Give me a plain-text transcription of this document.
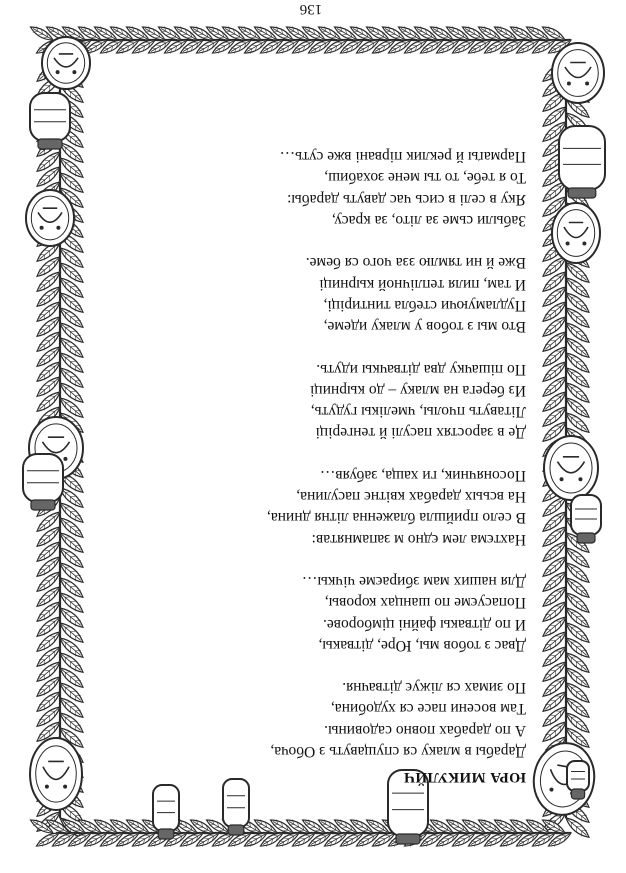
ЮРА МИКУЛЙЧ
Дарабы в млаку ся спущавуть з Обоча,
А по дарабах повно садовины.
Там восени пасе ся худобина,
По зимах ся ліжує дітвачня.
Двас з тобов мы, Юре, дітвакы,
И по дітвакы файні цімборове.
Попасуєме по шанцах коровы,
Для наших мам збираєме чічкы…
Нахтєма лем єдно м запамнятав:
В село прийшла блаженна літня днина,
На всьых дарабах квітнє пасулина,
Посонячник, ги хаща, забуяв…
Де в заростях пасулі й тенгеріці
Літавуть пчолы, чмелікы гудуть,
Из берега на млаку – до кырниці
По пішачку два дітвачкы идуть.
Вто мы з тобов у млаку идеме,
Пудламуючи стебла тинтиріці,
И там, пиля теплічной кырниці
Вже й ни тямлю зза чого ся беме.
Забыли сьме за літо, за красу,
Яку в селі в сись час давуть дарабы:
То я тебе, то ты мене зохабиш,
Пармаґы й реклик пірвані вже суть…
136
